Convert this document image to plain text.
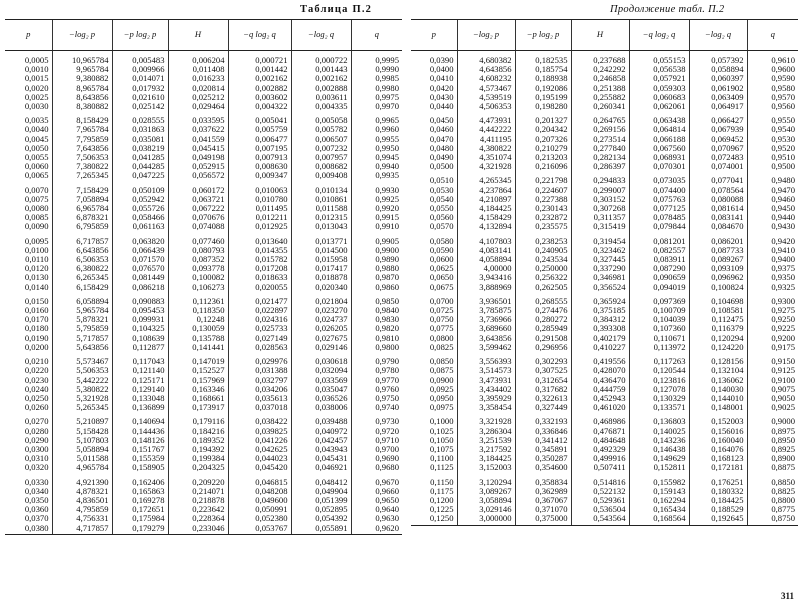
Таблица П.2	Продолжение табл. П.2
p	−log₂ p	−p log₂ p	H	−q log₂ q	−log₂ q	q
0,0005	10,965784	0,005483	0,006204	0,000721	0,000722	0,9995
0,0010	9,965784	0,009966	0,011408	0,001442	0,001443	0,9990
0,0015	9,380882	0,014071	0,016233	0,002162	0,002162	0,9985
0,0020	8,965784	0,017932	0,020814	0,002882	0,002888	0,9980
0,0025	8,643856	0,021610	0,025212	0,003602	0,003611	0,9975
0,0030	8,380882	0,025142	0,029464	0,004322	0,004335	0,9970
0,0035	8,158429	0,028555	0,033595	0,005041	0,005058	0,9965
0,0040	7,965784	0,031863	0,037622	0,005759	0,005782	0,9960
0,0045	7,795859	0,035081	0,041559	0,006477	0,006507	0,9955
0,0050	7,643856	0,038219	0,045415	0,007195	0,007232	0,9950
0,0055	7,506353	0,041285	0,049198	0,007913	0,007957	0,9945
0,0060	7,380822	0,044285	0,052915	0,008630	0,008682	0,9940
0,0065	7,265345	0,047225	0,056572	0,009347	0,009408	0,9935
0,0070	7,158429	0,050109	0,060172	0,010063	0,010134	0,9930
0,0075	7,058894	0,052942	0,063721	0,010780	0,010861	0,9925
0,0080	6,965784	0,055726	0,067222	0,011495	0,011588	0,9920
0,0085	6,878321	0,058466	0,070676	0,012211	0,012315	0,9915
0,0090	6,795859	0,061163	0,074088	0,012925	0,013043	0,9910
0,0095	6,717857	0,063820	0,077460	0,013640	0,013771	0,9905
0,0100	6,643856	0,066439	0,080793	0,014355	0,014500	0,9900
0,0110	6,506353	0,071570	0,087352	0,015782	0,015958	0,9890
0,0120	6,380822	0,076570	0,093778	0,017208	0,017417	0,9880
0,0130	6,265345	0,081449	0,100082	0,018633	0,018878	0,9870
0,0140	6,158429	0,086218	0,106273	0,020055	0,020340	0,9860
0,0150	6,058894	0,090883	0,112361	0,021477	0,021804	0,9850
0,0160	5,965784	0,095453	0,118350	0,022897	0,023270	0,9840
0,0170	5,878321	0,099931	0,12248	0,024316	0,024737	0,9830
0,0180	5,795859	0,104325	0,130059	0,025733	0,026205	0,9820
0,0190	5,717857	0,108639	0,135788	0,027149	0,027675	0,9810
0,0200	5,643856	0,112877	0,141441	0,028563	0,029146	0,9800
0,0210	5,573467	0,117043	0,147019	0,029976	0,030618	0,9790
0,0220	5,506353	0,121140	0,152527	0,031388	0,032094	0,9780
0,0230	5,442222	0,125171	0,157969	0,032797	0,033569	0,9770
0,0240	5,380822	0,129140	0,163346	0,034206	0,035047	0,9760
0,0250	5,321928	0,133048	0,168661	0,035613	0,036526	0,9750
0,0260	5,265345	0,136899	0,173917	0,037018	0,038006	0,9740
0,0270	5,210897	0,140694	0,179116	0,038422	0,039488	0,9730
0,0280	5,158428	0,144436	0,184216	0,039825	0,040972	0,9720
0,0290	5,107803	0,148126	0,189352	0,041226	0,042457	0,9710
0,0300	5,058894	0,151767	0,194392	0,042625	0,043943	0,9700
0,0310	5,011588	0,155359	0,199384	0,044023	0,045431	0,9690
0,0320	4,965784	0,158905	0,204325	0,045420	0,046921	0,9680
0,0330	4,921390	0,162406	0,209220	0,046815	0,048412	0,9670
0,0340	4,878321	0,165863	0,214071	0,048208	0,049904	0,9660
0,0350	4,836501	0,169278	0,218878	0,049600	0,051399	0,9650
0,0360	4,795859	0,172651	0,223642	0,050991	0,052895	0,9640
0,0370	4,756331	0,175984	0,228364	0,052380	0,054392	0,9630
0,0380	4,717857	0,179279	0,233046	0,053767	0,055891	0,9620
p	−log₂ p	−p log₂ p	H	−q log₂ q	−log₂ q	q
0,0390	4,680382	0,182535	0,237688	0,055153	0,057392	0,9610
0,0400	4,643856	0,185754	0,242292	0,056538	0,058894	0,9600
0,0410	4,608232	0,188938	0,246858	0,057921	0,060397	0,9590
0,0420	4,573467	0,192086	0,251388	0,059303	0,061902	0,9580
0,0430	4,539519	0,195199	0,255882	0,060683	0,063409	0,9570
0,0440	4,506353	0,198280	0,260341	0,062061	0,064917	0,9560
0,0450	4,473931	0,201327	0,264765	0,063438	0,066427	0,9550
0,0460	4,442222	0,204342	0,269156	0,064814	0,067939	0,9540
0,0470	4,411195	0,207326	0,273514	0,066188	0,069452	0,9530
0,0480	4,380822	0,210279	0,277840	0,067560	0,070967	0,9520
0,0490	4,351074	0,213203	0,282134	0,068931	0,072483	0,9510
0,0500	4,321928	0,216096	0,286397	0,070301	0,074001	0,9500
0,0510	4,265345	0,221798	0,294833	0,073035	0,077041	0,9480
0,0530	4,237864	0,224607	0,299007	0,074400	0,078564	0,9470
0,0540	4,210897	0,227388	0,303152	0,075763	0,080088	0,9460
0,0550	4,184425	0,230143	0,307268	0,077125	0,081614	0,9450
0,0560	4,158429	0,232872	0,311357	0,078485	0,083141	0,9440
0,0570	4,132894	0,235575	0,315419	0,079844	0,084670	0,9430
0,0580	4,107803	0,238253	0,319454	0,081201	0,086201	0,9420
0,0590	4,083141	0,240905	0,323462	0,082557	0,087733	0,9410
0,0600	4,058894	0,243534	0,327445	0,083911	0,089267	0,9400
0,0625	4,00000	0,250000	0,337290	0,087290	0,093109	0,9375
0,0650	3,943416	0,256322	0,346981	0,090659	0,096962	0,9350
0,0675	3,888969	0,262505	0,356524	0,094019	0,100824	0,9325
0,0700	3,936501	0,268555	0,365924	0,097369	0,104698	0,9300
0,0725	3,785875	0,274476	0,375185	0,100709	0,108581	0,9275
0,0750	3,736966	0,280272	0,384312	0,104039	0,112475	0,9250
0,0775	3,689660	0,285949	0,393308	0,107360	0,116379	0,9225
0,0800	3,643856	0,291508	0,402179	0,110671	0,120294	0,9200
0,0825	3,599462	0,296956	0,410227	0,113972	0,124220	0,9175
0,0850	3,556393	0,302293	0,419556	0,117263	0,128156	0,9150
0,0875	3,514573	0,307525	0,428070	0,120544	0,132104	0,9125
0,0900	3,473931	0,312654	0,436470	0,123816	0,136062	0,9100
0,0925	3,434402	0,317682	0,444759	0,127078	0,140030	0,9075
0,0950	3,395929	0,322613	0,452943	0,130329	0,144010	0,9050
0,0975	3,358454	0,327449	0,461020	0,133571	0,148001	0,9025
0,1000	3,321928	0,332193	0,468986	0,136803	0,152003	0,9000
0,1025	3,286304	0,336846	0,476871	0,140025	0,156016	0,8975
0,1050	3,251539	0,341412	0,484648	0,143236	0,160040	0,8950
0,1075	3,217592	0,345891	0,492329	0,146438	0,164076	0,8925
0,1100	3,184425	0,350287	0,499916	0,149629	0,168123	0,8900
0,1125	3,152003	0,354600	0,507411	0,152811	0,172181	0,8875
0,1150	3,120294	0,358834	0,514816	0,155982	0,176251	0,8850
0,1175	3,089267	0,362989	0,522132	0,159143	0,180332	0,8825
0,1200	3,058894	0,367067	0,529361	0,162294	0,184425	0,8800
0,1225	3,029146	0,371070	0,536504	0,165434	0,188529	0,8775
0,1250	3,000000	0,375000	0,543564	0,168564	0,192645	0,8750
311
